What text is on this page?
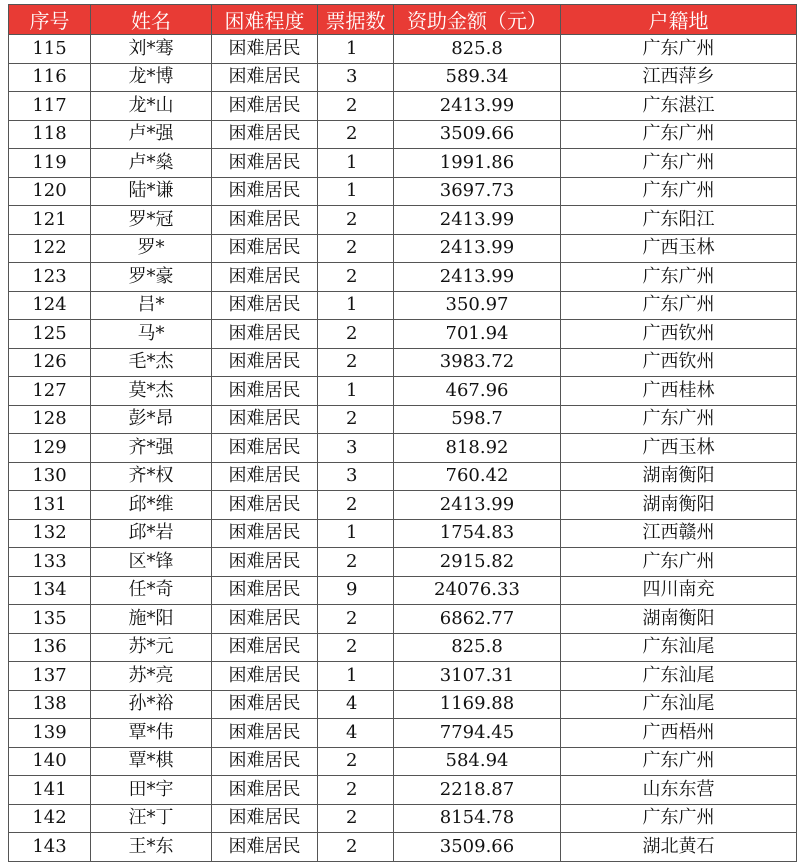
序号	姓名	困难程度	票据数	资助金额（元）	户籍地
115	刘*骞	困难居民	1	825.8	广东广州
116	龙*博	困难居民	3	589.34	江西萍乡
117	龙*山	困难居民	2	2413.99	广东湛江
118	卢*强	困难居民	2	3509.66	广东广州
119	卢*燊	困难居民	1	1991.86	广东广州
120	陆*谦	困难居民	1	3697.73	广东广州
121	罗*冠	困难居民	2	2413.99	广东阳江
122	罗*	困难居民	2	2413.99	广西玉林
123	罗*豪	困难居民	2	2413.99	广东广州
124	吕*	困难居民	1	350.97	广东广州
125	马*	困难居民	2	701.94	广西钦州
126	毛*杰	困难居民	2	3983.72	广西钦州
127	莫*杰	困难居民	1	467.96	广西桂林
128	彭*昂	困难居民	2	598.7	广东广州
129	齐*强	困难居民	3	818.92	广西玉林
130	齐*权	困难居民	3	760.42	湖南衡阳
131	邱*维	困难居民	2	2413.99	湖南衡阳
132	邱*岩	困难居民	1	1754.83	江西赣州
133	区*锋	困难居民	2	2915.82	广东广州
134	任*奇	困难居民	9	24076.33	四川南充
135	施*阳	困难居民	2	6862.77	湖南衡阳
136	苏*元	困难居民	2	825.8	广东汕尾
137	苏*亮	困难居民	1	3107.31	广东汕尾
138	孙*裕	困难居民	4	1169.88	广东汕尾
139	覃*伟	困难居民	4	7794.45	广西梧州
140	覃*棋	困难居民	2	584.94	广东广州
141	田*宇	困难居民	2	2218.87	山东东营
142	汪*丁	困难居民	2	8154.78	广东广州
143	王*东	困难居民	2	3509.66	湖北黄石
